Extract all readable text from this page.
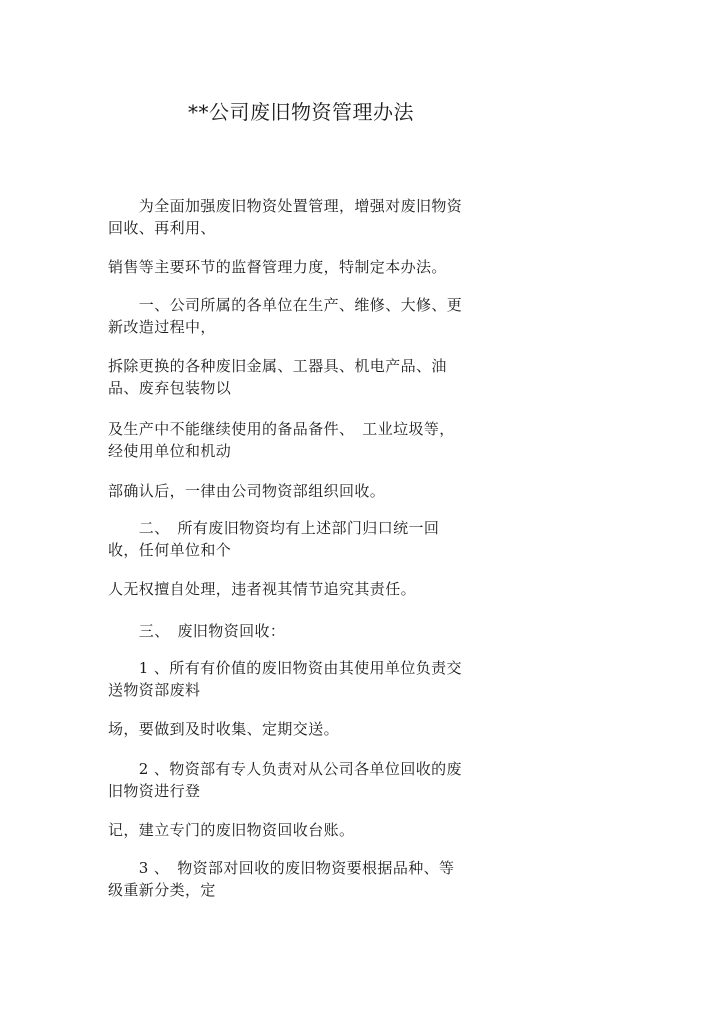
**公司废旧物资管理办法
　　为全面加强废旧物资处置管理，增强对废旧物资
回收、再利用、
销售等主要环节的监督管理力度，特制定本办法。
　　一、公司所属的各单位在生产、维修、大修、更
新改造过程中，
拆除更换的各种废旧金属、工器具、机电产品、油
品、废弃包装物以
及生产中不能继续使用的备品备件、　工业垃圾等，
经使用单位和机动
部确认后，一律由公司物资部组织回收。
　　二、　所有废旧物资均有上述部门归口统一回
收，任何单位和个
人无权擅自处理，违者视其情节追究其责任。
　　三、　废旧物资回收：
　　1 、所有有价值的废旧物资由其使用单位负责交
送物资部废料
场，要做到及时收集、定期交送。
　　2 、物资部有专人负责对从公司各单位回收的废
旧物资进行登
记，建立专门的废旧物资回收台账。
　　3 、　物资部对回收的废旧物资要根据品种、等
级重新分类，定
